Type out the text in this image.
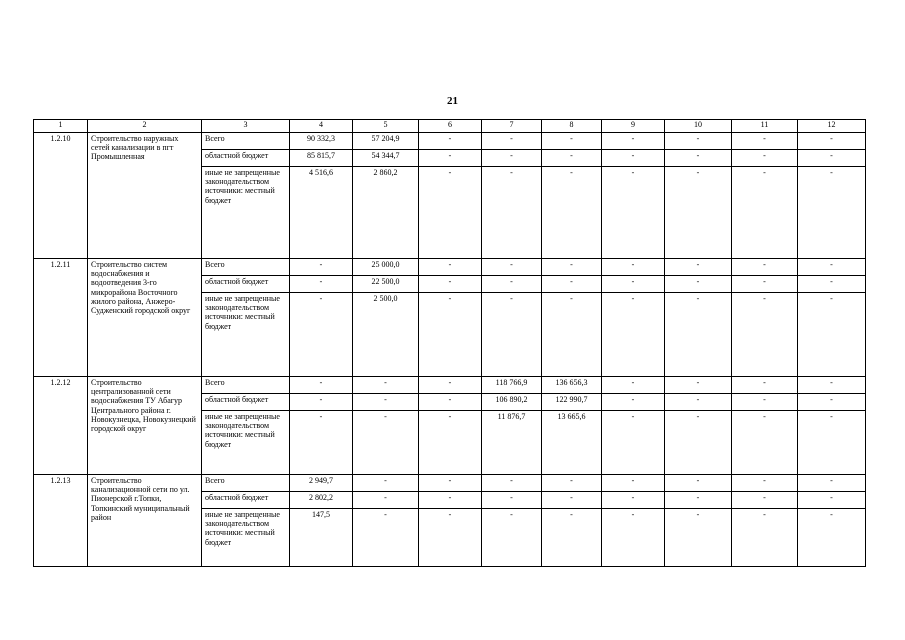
21
1	2	3	4	5	6	7	8	9	10	11	12
1.2.10	Строительство наружных сетей канализации в пгт Промышленная	Всего	90 332,3	57 204,9	-	-	-	-	-	-	-
		областной бюджет	85 815,7	54 344,7	-	-	-	-	-	-	-
		иные не запрещенные законодательством источники: местный бюджет	4 516,6	2 860,2	-	-	-	-	-	-	-
1.2.11	Строительство систем водоснабжения и водоотведения 3-го микрорайона Восточного жилого района, Анжеро-Судженский городской округ	Всего	-	25 000,0	-	-	-	-	-	-	-
		областной бюджет	-	22 500,0	-	-	-	-	-	-	-
		иные не запрещенные законодательством источники: местный бюджет	-	2 500,0	-	-	-	-	-	-	-
1.2.12	Строительство централизованной сети водоснабжения ТУ Абагур Центрального района г. Новокузнецка, Новокузнецкий городской округ	Всего	-	-	-	118 766,9	136 656,3	-	-	-	-
		областной бюджет	-	-	-	106 890,2	122 990,7	-	-	-	-
		иные не запрещенные законодательством источники: местный бюджет	-	-	-	11 876,7	13 665,6	-	-	-	-
1.2.13	Строительство канализационной сети по ул. Пионерской г.Топки, Топкинский муниципальный район	Всего	2 949,7	-	-	-	-	-	-	-	-
		областной бюджет	2 802,2	-	-	-	-	-	-	-	-
		иные не запрещенные законодательством источники: местный бюджет	147,5	-	-	-	-	-	-	-	-
